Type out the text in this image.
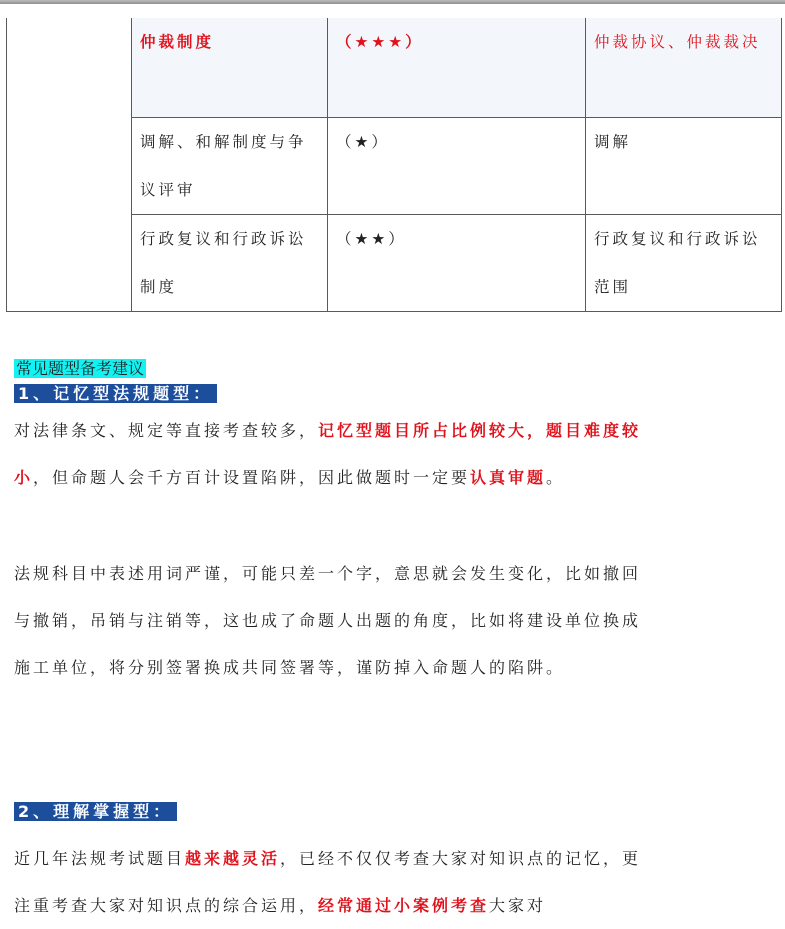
	仲裁制度	（★★★）	仲裁协议、仲裁裁决
	调解、和解制度与争议评审	（★）	调解
	行政复议和行政诉讼制度	（★★）	行政复议和行政诉讼范围
常见题型备考建议
1、记忆型法规题型：

对法律条文、规定等直接考查较多，记忆型题目所占比例较大，题目难度较小，但命题人会千方百计设置陷阱，因此做题时一定要认真审题。

法规科目中表述用词严谨，可能只差一个字，意思就会发生变化，比如撤回与撤销，吊销与注销等，这也成了命题人出题的角度，比如将建设单位换成施工单位，将分别签署换成共同签署等，谨防掉入命题人的陷阱。

2、理解掌握型：

近几年法规考试题目越来越灵活，已经不仅仅考查大家对知识点的记忆，更注重考查大家对知识点的综合运用，经常通过小案例考查大家对
